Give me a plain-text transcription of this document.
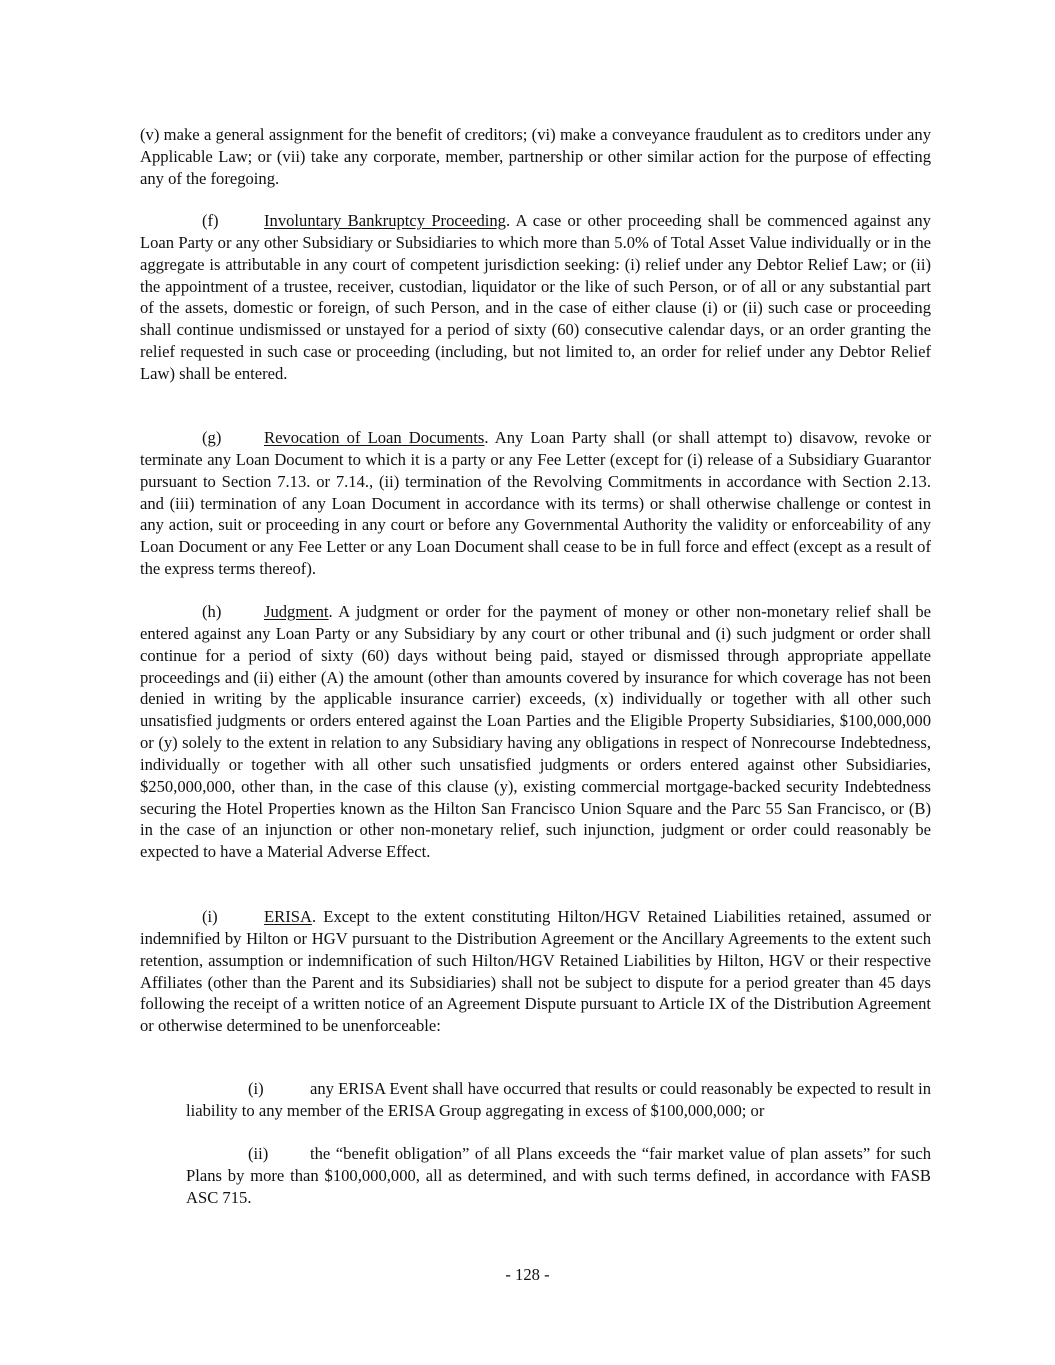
(v) make a general assignment for the benefit of creditors; (vi) make a conveyance fraudulent as to creditors under any Applicable Law; or (vii) take any corporate, member, partnership or other similar action for the purpose of effecting any of the foregoing.

(f)	Involuntary Bankruptcy Proceeding. A case or other proceeding shall be commenced against any Loan Party or any other Subsidiary or Subsidiaries to which more than 5.0% of Total Asset Value individually or in the aggregate is attributable in any court of competent jurisdiction seeking: (i) relief under any Debtor Relief Law; or (ii) the appointment of a trustee, receiver, custodian, liquidator or the like of such Person, or of all or any substantial part of the assets, domestic or foreign, of such Person, and in the case of either clause (i) or (ii) such case or proceeding shall continue undismissed or unstayed for a period of sixty (60) consecutive calendar days, or an order granting the relief requested in such case or proceeding (including, but not limited to, an order for relief under any Debtor Relief Law) shall be entered.

(g)	Revocation of Loan Documents. Any Loan Party shall (or shall attempt to) disavow, revoke or terminate any Loan Document to which it is a party or any Fee Letter (except for (i) release of a Subsidiary Guarantor pursuant to Section 7.13. or 7.14., (ii) termination of the Revolving Commitments in accordance with Section 2.13. and (iii) termination of any Loan Document in accordance with its terms) or shall otherwise challenge or contest in any action, suit or proceeding in any court or before any Governmental Authority the validity or enforceability of any Loan Document or any Fee Letter or any Loan Document shall cease to be in full force and effect (except as a result of the express terms thereof).

(h)	Judgment. A judgment or order for the payment of money or other non-monetary relief shall be entered against any Loan Party or any Subsidiary by any court or other tribunal and (i) such judgment or order shall continue for a period of sixty (60) days without being paid, stayed or dismissed through appropriate appellate proceedings and (ii) either (A) the amount (other than amounts covered by insurance for which coverage has not been denied in writing by the applicable insurance carrier) exceeds, (x) individually or together with all other such unsatisfied judgments or orders entered against the Loan Parties and the Eligible Property Subsidiaries, $100,000,000 or (y) solely to the extent in relation to any Subsidiary having any obligations in respect of Nonrecourse Indebtedness, individually or together with all other such unsatisfied judgments or orders entered against other Subsidiaries, $250,000,000, other than, in the case of this clause (y), existing commercial mortgage-backed security Indebtedness securing the Hotel Properties known as the Hilton San Francisco Union Square and the Parc 55 San Francisco, or (B) in the case of an injunction or other non-monetary relief, such injunction, judgment or order could reasonably be expected to have a Material Adverse Effect.

(i)	ERISA. Except to the extent constituting Hilton/HGV Retained Liabilities retained, assumed or indemnified by Hilton or HGV pursuant to the Distribution Agreement or the Ancillary Agreements to the extent such retention, assumption or indemnification of such Hilton/HGV Retained Liabilities by Hilton, HGV or their respective Affiliates (other than the Parent and its Subsidiaries) shall not be subject to dispute for a period greater than 45 days following the receipt of a written notice of an Agreement Dispute pursuant to Article IX of the Distribution Agreement or otherwise determined to be unenforceable:

(i)	any ERISA Event shall have occurred that results or could reasonably be expected to result in liability to any member of the ERISA Group aggregating in excess of $100,000,000; or

(ii)	the “benefit obligation” of all Plans exceeds the “fair market value of plan assets” for such Plans by more than $100,000,000, all as determined, and with such terms defined, in accordance with FASB ASC 715.

- 128 -
